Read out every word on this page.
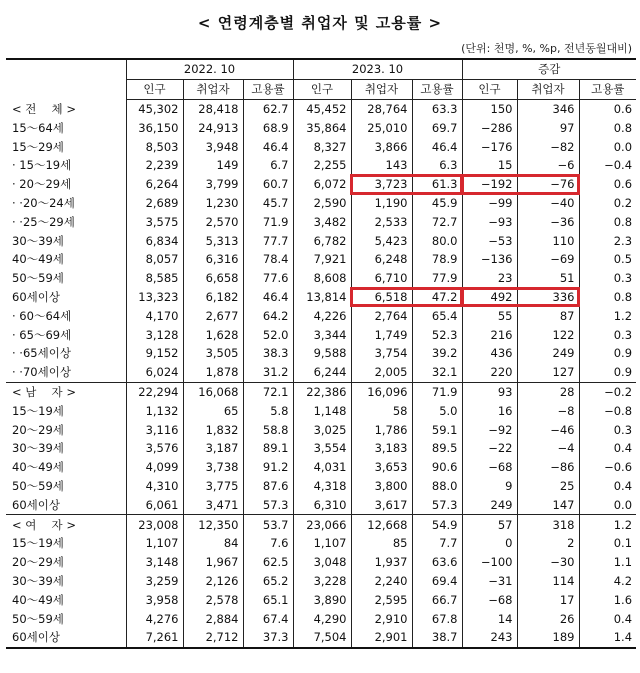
< 연령계층별 취업자 및 고용률 >
(단위: 천명, %, %p, 전년동월대비)
	2022. 10			2023. 10			증감		
	인구	취업자	고용률	인구	취업자	고용률	인구	취업자	고용률
< 전　 체 >	45,302	28,418	62.7	45,452	28,764	63.3	150	346	0.6
15～64세	36,150	24,913	68.9	35,864	25,010	69.7	−286	97	0.8
15～29세	8,503	3,948	46.4	8,327	3,866	46.4	−176	−82	0.0
· 15～19세	2,239	149	6.7	2,255	143	6.3	15	−6	−0.4
· 20～29세	6,264	3,799	60.7	6,072	3,723	61.3	−192	−76	0.6
· ·20～24세	2,689	1,230	45.7	2,590	1,190	45.9	−99	−40	0.2
· ·25～29세	3,575	2,570	71.9	3,482	2,533	72.7	−93	−36	0.8
30～39세	6,834	5,313	77.7	6,782	5,423	80.0	−53	110	2.3
40～49세	8,057	6,316	78.4	7,921	6,248	78.9	−136	−69	0.5
50～59세	8,585	6,658	77.6	8,608	6,710	77.9	23	51	0.3
60세이상	13,323	6,182	46.4	13,814	6,518	47.2	492	336	0.8
· 60～64세	4,170	2,677	64.2	4,226	2,764	65.4	55	87	1.2
· 65～69세	3,128	1,628	52.0	3,344	1,749	52.3	216	122	0.3
· ·65세이상	9,152	3,505	38.3	9,588	3,754	39.2	436	249	0.9
· ·70세이상	6,024	1,878	31.2	6,244	2,005	32.1	220	127	0.9
< 남　 자 >	22,294	16,068	72.1	22,386	16,096	71.9	93	28	−0.2
15～19세	1,132	65	5.8	1,148	58	5.0	16	−8	−0.8
20～29세	3,116	1,832	58.8	3,025	1,786	59.1	−92	−46	0.3
30～39세	3,576	3,187	89.1	3,554	3,183	89.5	−22	−4	0.4
40～49세	4,099	3,738	91.2	4,031	3,653	90.6	−68	−86	−0.6
50～59세	4,310	3,775	87.6	4,318	3,800	88.0	9	25	0.4
60세이상	6,061	3,471	57.3	6,310	3,617	57.3	249	147	0.0
< 여　 자 >	23,008	12,350	53.7	23,066	12,668	54.9	57	318	1.2
15～19세	1,107	84	7.6	1,107	85	7.7	0	2	0.1
20～29세	3,148	1,967	62.5	3,048	1,937	63.6	−100	−30	1.1
30～39세	3,259	2,126	65.2	3,228	2,240	69.4	−31	114	4.2
40～49세	3,958	2,578	65.1	3,890	2,595	66.7	−68	17	1.6
50～59세	4,276	2,884	67.4	4,290	2,910	67.8	14	26	0.4
60세이상	7,261	2,712	37.3	7,504	2,901	38.7	243	189	1.4
